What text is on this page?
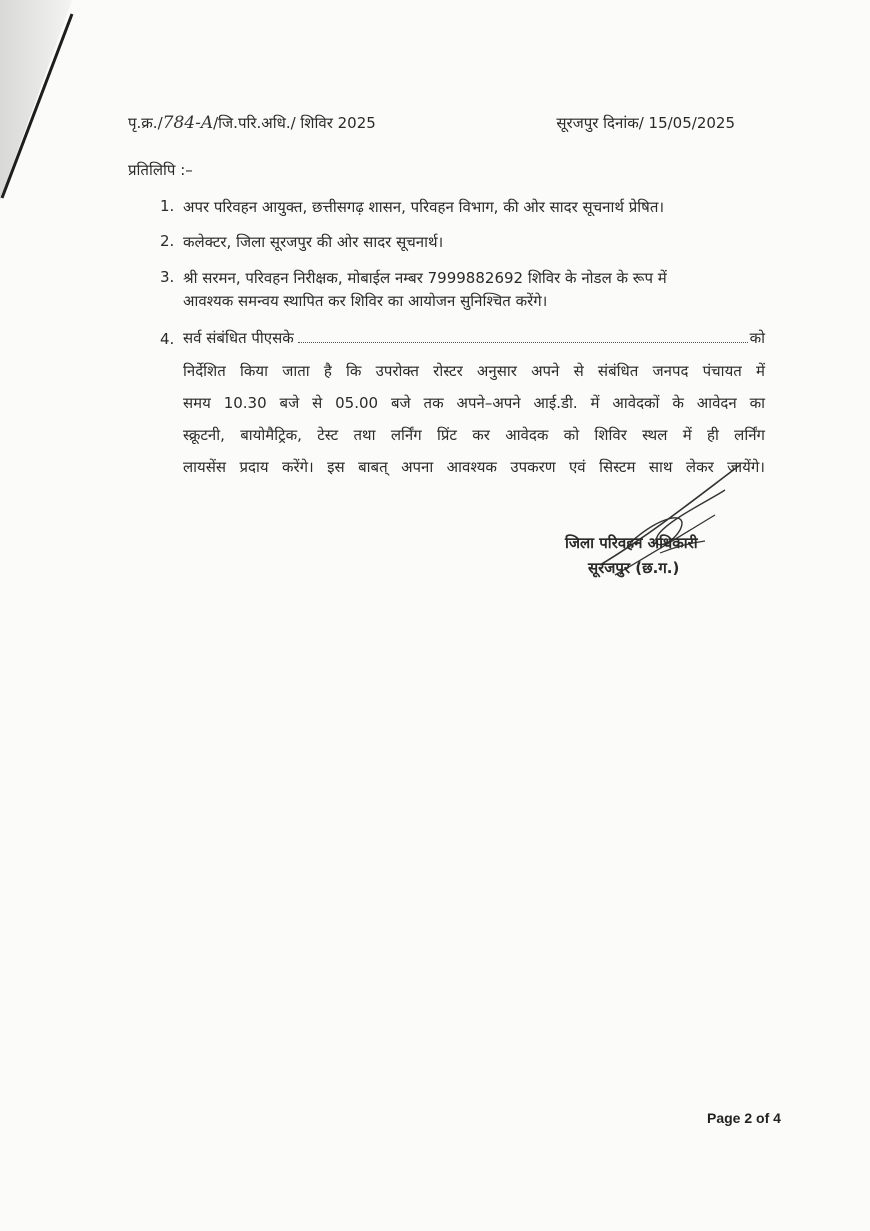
पृ.क्र./784-A/जि.परि.अधि./ शिविर 2025	सूरजपुर दिनांक/ 15/05/2025
प्रतिलिपि :–
1. अपर परिवहन आयुक्त, छत्तीसगढ़ शासन, परिवहन विभाग, की ओर सादर सूचनार्थ प्रेषित।
2. कलेक्टर, जिला सूरजपुर की ओर सादर सूचनार्थ।
3. श्री सरमन, परिवहन निरीक्षक, मोबाईल नम्बर 7999882692 शिविर के नोडल के रूप में
आवश्यक समन्वय स्थापित कर शिविर का आयोजन सुनिश्चित करेंगे।
4. सर्व संबंधित पीएसके	को
निर्देशित किया जाता है कि उपरोक्त रोस्टर अनुसार अपने से संबंधित जनपद पंचायत में
समय 10.30 बजे से 05.00 बजे तक अपने–अपने आई.डी. में आवेदकों के आवेदन का
स्क्रूटनी, बायोमैट्रिक, टेस्ट तथा लर्निंग प्रिंट कर आवेदक को शिविर स्थल में ही लर्निंग
लायसेंस प्रदाय करेंगे। इस बाबत् अपना आवश्यक उपकरण एवं सिस्टम साथ लेकर जायेंगे।
जिला परिवहन अधिकारी
सूरजपुर (छ.ग.)
Page 2 of 4
